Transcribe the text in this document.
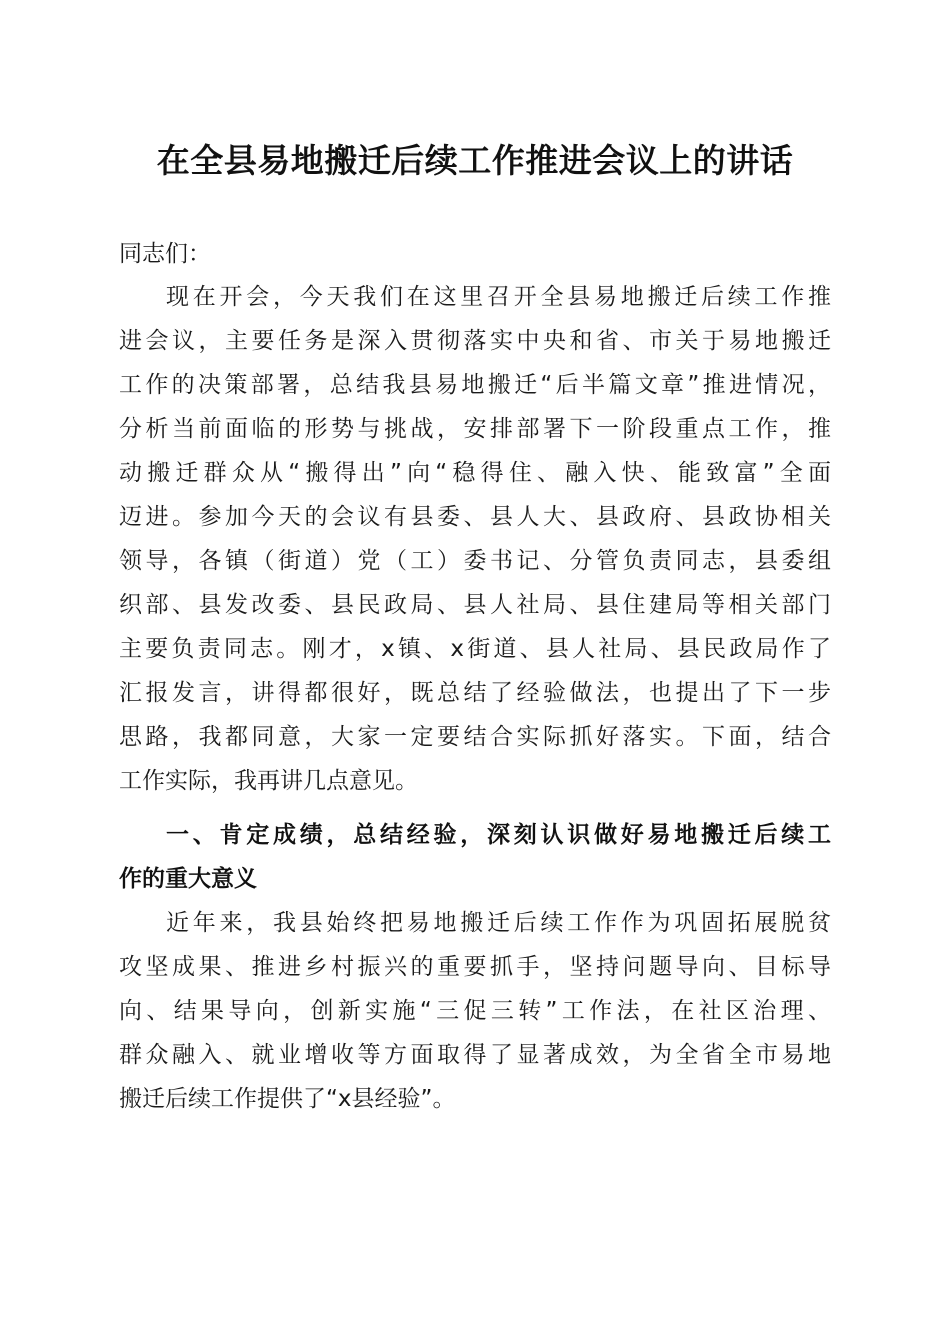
在全县易地搬迁后续工作推进会议上的讲话
同志们：
现在开会，今天我们在这里召开全县易地搬迁后续工作推
进会议，主要任务是深入贯彻落实中央和省、市关于易地搬迁
工作的决策部署，总结我县易地搬迁“后半篇文章”推进情况，
分析当前面临的形势与挑战，安排部署下一阶段重点工作，推
动搬迁群众从“搬得出”向“稳得住、融入快、能致富”全面
迈进。参加今天的会议有县委、县人大、县政府、县政协相关
领导，各镇（街道）党（工）委书记、分管负责同志，县委组
织部、县发改委、县民政局、县人社局、县住建局等相关部门
主要负责同志。刚才，x镇、x街道、县人社局、县民政局作了
汇报发言，讲得都很好，既总结了经验做法，也提出了下一步
思路，我都同意，大家一定要结合实际抓好落实。下面，结合
工作实际，我再讲几点意见。
一、肯定成绩，总结经验，深刻认识做好易地搬迁后续工
作的重大意义
近年来，我县始终把易地搬迁后续工作作为巩固拓展脱贫
攻坚成果、推进乡村振兴的重要抓手，坚持问题导向、目标导
向、结果导向，创新实施“三促三转”工作法，在社区治理、
群众融入、就业增收等方面取得了显著成效，为全省全市易地
搬迁后续工作提供了“x县经验”。
